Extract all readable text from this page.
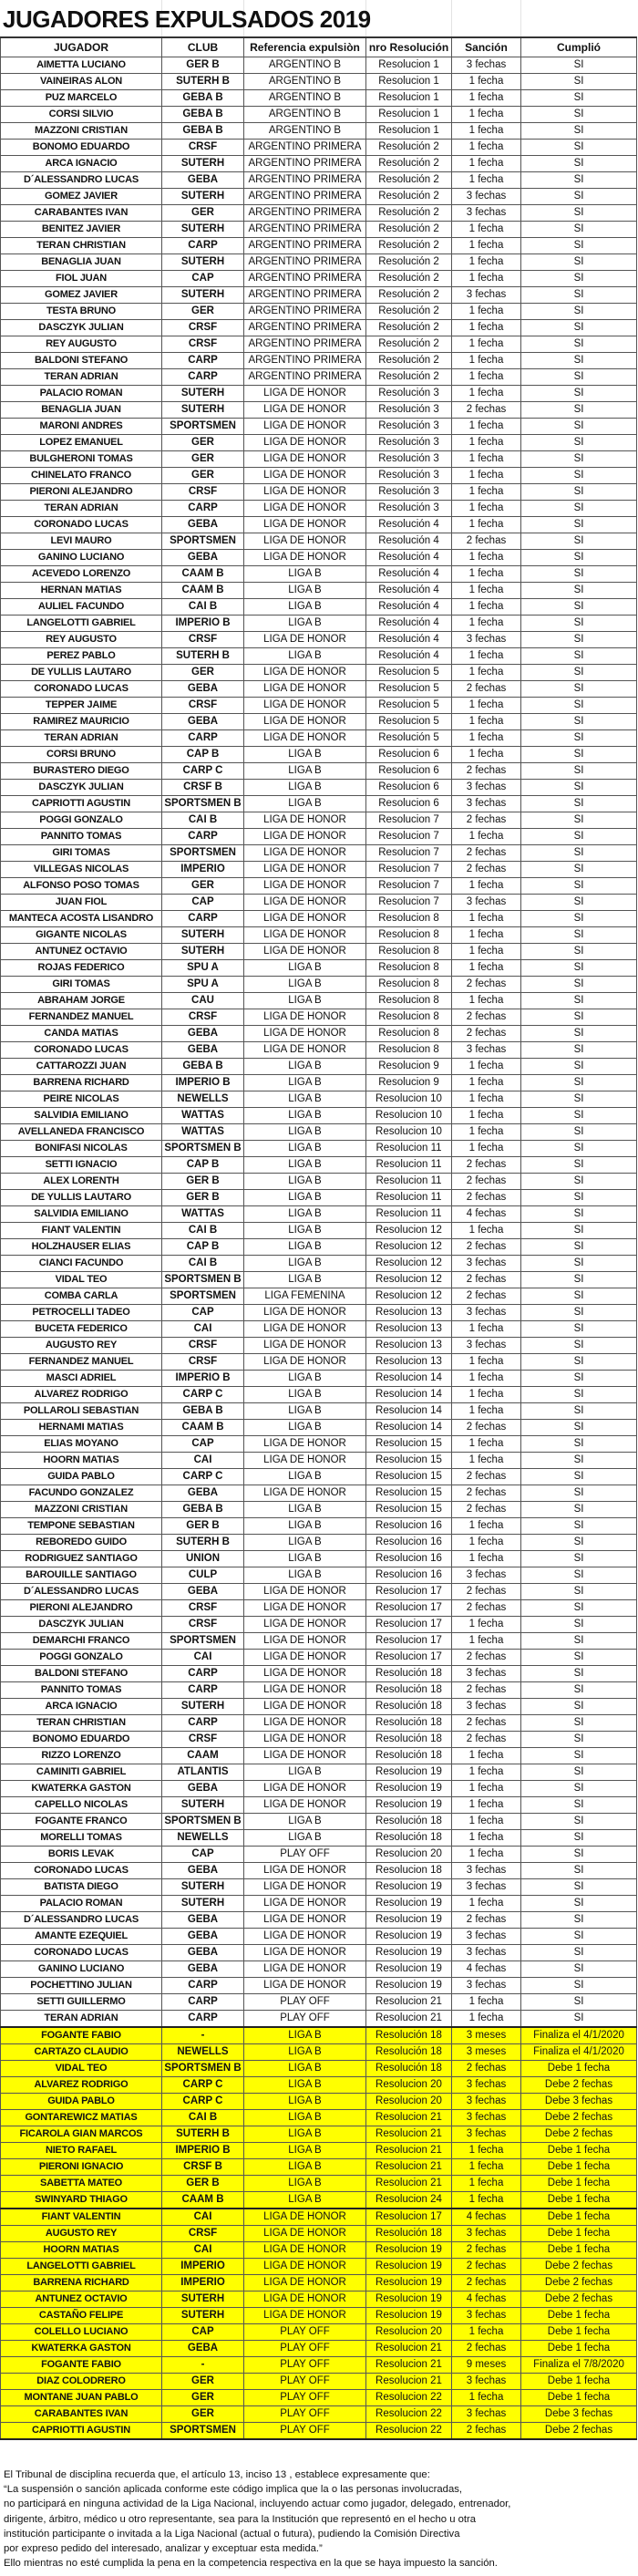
JUGADORES EXPULSADOS 2019
JUGADOR	CLUB	Referencia expulsiòn	nro Resolución	Sanción	Cumplió
AIMETTA LUCIANO	GER B	ARGENTINO B	Resolucion 1	3 fechas	SI
VAINEIRAS ALON	SUTERH B	ARGENTINO B	Resolucion 1	1 fecha	SI
PUZ MARCELO	GEBA B	ARGENTINO B	Resolucion 1	1 fecha	SI
CORSI SILVIO	GEBA B	ARGENTINO B	Resolucion 1	1 fecha	SI
MAZZONI CRISTIAN	GEBA B	ARGENTINO B	Resolucion 1	1 fecha	SI
BONOMO EDUARDO	CRSF	ARGENTINO PRIMERA	Resolución 2	1 fecha	SI
ARCA IGNACIO	SUTERH	ARGENTINO PRIMERA	Resolución 2	1 fecha	SI
D´ALESSANDRO LUCAS	GEBA	ARGENTINO PRIMERA	Resolución 2	1 fecha	SI
GOMEZ JAVIER	SUTERH	ARGENTINO PRIMERA	Resolución 2	3 fechas	SI
CARABANTES IVAN	GER	ARGENTINO PRIMERA	Resolución 2	3 fechas	SI
BENITEZ JAVIER	SUTERH	ARGENTINO PRIMERA	Resolución 2	1 fecha	SI
TERAN CHRISTIAN	CARP	ARGENTINO PRIMERA	Resolución 2	1 fecha	SI
BENAGLIA JUAN	SUTERH	ARGENTINO PRIMERA	Resolución 2	1 fecha	SI
FIOL JUAN	CAP	ARGENTINO PRIMERA	Resolución 2	1 fecha	SI
GOMEZ JAVIER	SUTERH	ARGENTINO PRIMERA	Resolución 2	3 fechas	SI
TESTA BRUNO	GER	ARGENTINO PRIMERA	Resolución 2	1 fecha	SI
DASCZYK JULIAN	CRSF	ARGENTINO PRIMERA	Resolución 2	1 fecha	SI
REY AUGUSTO	CRSF	ARGENTINO PRIMERA	Resolución 2	1 fecha	SI
BALDONI STEFANO	CARP	ARGENTINO PRIMERA	Resolución 2	1 fecha	SI
TERAN ADRIAN	CARP	ARGENTINO PRIMERA	Resolución 2	1 fecha	SI
PALACIO ROMAN	SUTERH	LIGA DE HONOR	Resolución 3	1 fecha	SI
BENAGLIA JUAN	SUTERH	LIGA DE HONOR	Resolución 3	2 fechas	SI
MARONI ANDRES	SPORTSMEN	LIGA DE HONOR	Resolución 3	1 fecha	SI
LOPEZ EMANUEL	GER	LIGA DE HONOR	Resolución 3	1 fecha	SI
BULGHERONI TOMAS	GER	LIGA DE HONOR	Resolución 3	1 fecha	SI
CHINELATO FRANCO	GER	LIGA DE HONOR	Resolución 3	1 fecha	SI
PIERONI ALEJANDRO	CRSF	LIGA DE HONOR	Resolución 3	1 fecha	SI
TERAN ADRIAN	CARP	LIGA DE HONOR	Resolución 3	1 fecha	SI
CORONADO LUCAS	GEBA	LIGA DE HONOR	Resolución 4	1 fecha	SI
LEVI MAURO	SPORTSMEN	LIGA DE HONOR	Resolución 4	2 fechas	SI
GANINO LUCIANO	GEBA	LIGA DE HONOR	Resolución 4	1 fecha	SI
ACEVEDO LORENZO	CAAM B	LIGA B	Resolución 4	1 fecha	SI
HERNAN MATIAS	CAAM B	LIGA B	Resolución 4	1 fecha	SI
AULIEL FACUNDO	CAI B	LIGA B	Resolución 4	1 fecha	SI
LANGELOTTI GABRIEL	IMPERIO B	LIGA B	Resolución 4	1 fecha	SI
REY AUGUSTO	CRSF	LIGA DE HONOR	Resolución 4	3 fechas	SI
PEREZ PABLO	SUTERH B	LIGA B	Resolución 4	1 fecha	SI
DE YULLIS LAUTARO	GER	LIGA DE HONOR	Resolucion 5	1 fecha	SI
CORONADO LUCAS	GEBA	LIGA DE HONOR	Resolucion 5	2 fechas	SI
TEPPER JAIME	CRSF	LIGA DE HONOR	Resolucion 5	1 fecha	SI
RAMIREZ MAURICIO	GEBA	LIGA DE HONOR	Resolucion 5	1 fecha	SI
TERAN ADRIAN	CARP	LIGA DE HONOR	Resolución 5	1 fecha	SI
CORSI BRUNO	CAP B	LIGA B	Resolucion 6	1 fecha	SI
BURASTERO DIEGO	CARP C	LIGA B	Resolucion 6	2 fechas	SI
DASCZYK JULIAN	CRSF B	LIGA B	Resolucion 6	3 fechas	SI
CAPRIOTTI AGUSTIN	SPORTSMEN B	LIGA B	Resolucion 6	3 fechas	SI
POGGI GONZALO	CAI B	LIGA DE HONOR	Resolucion 7	2 fechas	SI
PANNITO TOMAS	CARP	LIGA DE HONOR	Resolucion 7	1 fecha	SI
GIRI TOMAS	SPORTSMEN	LIGA DE HONOR	Resolucion 7	2 fechas	SI
VILLEGAS NICOLAS	IMPERIO	LIGA DE HONOR	Resolucion 7	2 fechas	SI
ALFONSO POSO TOMAS	GER	LIGA DE HONOR	Resolucion 7	1 fecha	SI
JUAN FIOL	CAP	LIGA DE HONOR	Resolucion 7	3 fechas	SI
MANTECA ACOSTA LISANDRO	CARP	LIGA DE HONOR	Resolucion 8	1 fecha	SI
GIGANTE NICOLAS	SUTERH	LIGA DE HONOR	Resolucion 8	1 fecha	SI
ANTUNEZ OCTAVIO	SUTERH	LIGA DE HONOR	Resolucion 8	1 fecha	SI
ROJAS FEDERICO	SPU A	LIGA B	Resolucion 8	1 fecha	SI
GIRI TOMAS	SPU A	LIGA B	Resolucion 8	2 fechas	SI
ABRAHAM JORGE	CAU	LIGA B	Resolucion 8	1 fecha	SI
FERNANDEZ MANUEL	CRSF	LIGA DE HONOR	Resolucion 8	2 fechas	SI
CANDA MATIAS	GEBA	LIGA DE HONOR	Resolucion 8	2 fechas	SI
CORONADO LUCAS	GEBA	LIGA DE HONOR	Resolucion 8	3 fechas	SI
CATTAROZZI JUAN	GEBA B	LIGA B	Resolucion 9	1 fecha	SI
BARRENA RICHARD	IMPERIO B	LIGA B	Resolucion 9	1 fecha	SI
PEIRE NICOLAS	NEWELLS	LIGA B	Resolucion 10	1 fecha	SI
SALVIDIA EMILIANO	WATTAS	LIGA B	Resolucion 10	1 fecha	SI
AVELLANEDA FRANCISCO	WATTAS	LIGA B	Resolucion 10	1 fecha	SI
BONIFASI NICOLAS	SPORTSMEN B	LIGA B	Resolucion 11	1 fecha	SI
SETTI IGNACIO	CAP B	LIGA B	Resolucion 11	2 fechas	SI
ALEX LORENTH	GER B	LIGA B	Resolucion 11	2 fechas	SI
DE YULLIS LAUTARO	GER B	LIGA B	Resolucion 11	2 fechas	SI
SALVIDIA EMILIANO	WATTAS	LIGA B	Resolucion 11	4 fechas	SI
FIANT VALENTIN	CAI B	LIGA B	Resolucion 12	1 fecha	SI
HOLZHAUSER ELIAS	CAP B	LIGA B	Resolucion 12	2 fechas	SI
CIANCI FACUNDO	CAI B	LIGA B	Resolucion 12	3 fechas	SI
VIDAL TEO	SPORTSMEN B	LIGA B	Resolucion 12	2 fechas	SI
COMBA CARLA	SPORTSMEN	LIGA FEMENINA	Resolucion 12	2 fechas	SI
PETROCELLI TADEO	CAP	LIGA DE HONOR	Resolucion 13	3 fechas	SI
BUCETA FEDERICO	CAI	LIGA DE HONOR	Resolucion 13	1 fecha	SI
AUGUSTO REY	CRSF	LIGA DE HONOR	Resolucion 13	3 fechas	SI
FERNANDEZ MANUEL	CRSF	LIGA DE HONOR	Resolucion 13	1 fecha	SI
MASCI ADRIEL	IMPERIO B	LIGA B	Resolucion 14	1 fecha	SI
ALVAREZ RODRIGO	CARP C	LIGA B	Resolucion 14	1 fecha	SI
POLLAROLI SEBASTIAN	GEBA B	LIGA B	Resolucion 14	1 fecha	SI
HERNAMI MATIAS	CAAM B	LIGA B	Resolucion 14	2 fechas	SI
ELIAS MOYANO	CAP	LIGA DE HONOR	Resolucion 15	1 fecha	SI
HOORN MATIAS	CAI	LIGA DE HONOR	Resolucion 15	1 fecha	SI
GUIDA PABLO	CARP C	LIGA B	Resolucion 15	2 fechas	SI
FACUNDO GONZALEZ	GEBA	LIGA DE HONOR	Resolucion 15	2 fechas	SI
MAZZONI CRISTIAN	GEBA B	LIGA B	Resolucion 15	2 fechas	SI
TEMPONE SEBASTIAN	GER B	LIGA B	Resolucion 16	1 fecha	SI
REBOREDO GUIDO	SUTERH B	LIGA B	Resolucion 16	1 fecha	SI
RODRIGUEZ SANTIAGO	UNION	LIGA B	Resolucion 16	1 fecha	SI
BAROUILLE SANTIAGO	CULP	LIGA B	Resolucion 16	3 fechas	SI
D´ALESSANDRO LUCAS	GEBA	LIGA DE HONOR	Resolucion 17	2 fechas	SI
PIERONI ALEJANDRO	CRSF	LIGA DE HONOR	Resolucion 17	2 fechas	SI
DASCZYK JULIAN	CRSF	LIGA DE HONOR	Resolucion 17	1 fecha	SI
DEMARCHI FRANCO	SPORTSMEN	LIGA DE HONOR	Resolucion 17	1 fecha	SI
POGGI GONZALO	CAI	LIGA DE HONOR	Resolucion 17	2 fechas	SI
BALDONI STEFANO	CARP	LIGA DE HONOR	Resolución 18	3 fechas	SI
PANNITO TOMAS	CARP	LIGA DE HONOR	Resolución 18	2 fechas	SI
ARCA IGNACIO	SUTERH	LIGA DE HONOR	Resolución 18	3 fechas	SI
TERAN CHRISTIAN	CARP	LIGA DE HONOR	Resolución 18	2 fechas	SI
BONOMO EDUARDO	CRSF	LIGA DE HONOR	Resolución 18	2 fechas	SI
RIZZO LORENZO	CAAM	LIGA DE HONOR	Resolución 18	1 fecha	SI
CAMINITI GABRIEL	ATLANTIS	LIGA B	Resolucion 19	1 fecha	SI
KWATERKA GASTON	GEBA	LIGA DE HONOR	Resolucion 19	1 fecha	SI
CAPELLO NICOLAS	SUTERH	LIGA DE HONOR	Resolucion 19	1 fecha	SI
FOGANTE FRANCO	SPORTSMEN B	LIGA B	Resolución 18	1 fecha	SI
MORELLI TOMAS	NEWELLS	LIGA B	Resolución 18	1 fecha	SI
BORIS LEVAK	CAP	PLAY OFF	Resolucion 20	1 fecha	SI
CORONADO LUCAS	GEBA	LIGA DE HONOR	Resolucion 18	3 fechas	SI
BATISTA DIEGO	SUTERH	LIGA DE HONOR	Resolucion 19	3 fechas	SI
PALACIO ROMAN	SUTERH	LIGA DE HONOR	Resolucion 19	1 fecha	SI
D´ALESSANDRO LUCAS	GEBA	LIGA DE HONOR	Resolucion 19	2 fechas	SI
AMANTE EZEQUIEL	GEBA	LIGA DE HONOR	Resolucion 19	3 fechas	SI
CORONADO LUCAS	GEBA	LIGA DE HONOR	Resolucion 19	3 fechas	SI
GANINO LUCIANO	GEBA	LIGA DE HONOR	Resolucion 19	4 fechas	SI
POCHETTINO JULIAN	CARP	LIGA DE HONOR	Resolucion 19	3 fechas	SI
SETTI GUILLERMO	CARP	PLAY OFF	Resolucion 21	1 fecha	SI
TERAN ADRIAN	CARP	PLAY OFF	Resolucion 21	1 fecha	SI
FOGANTE FABIO	-	LIGA B	Resolución 18	3 meses	Finaliza el 4/1/2020
CARTAZO CLAUDIO	NEWELLS	LIGA B	Resolución 18	3 meses	Finaliza el 4/1/2020
VIDAL TEO	SPORTSMEN B	LIGA B	Resolución 18	2 fechas	Debe 1 fecha
ALVAREZ RODRIGO	CARP C	LIGA B	Resolucion 20	3 fechas	Debe 2 fechas
GUIDA PABLO	CARP C	LIGA B	Resolucion 20	3 fechas	Debe 3 fechas
GONTAREWICZ MATIAS	CAI B	LIGA B	Resolucion 21	3 fechas	Debe 2 fechas
FICAROLA GIAN MARCOS	SUTERH B	LIGA B	Resolucion 21	3 fechas	Debe 2 fechas
NIETO RAFAEL	IMPERIO B	LIGA B	Resolucion 21	1 fecha	Debe 1 fecha
PIERONI IGNACIO	CRSF B	LIGA B	Resolucion 21	1 fecha	Debe 1 fecha
SABETTA MATEO	GER B	LIGA B	Resolucion 21	1 fecha	Debe 1 fecha
SWINYARD THIAGO	CAAM B	LIGA B	Resolucion 24	1 fecha	Debe 1 fecha
FIANT VALENTIN	CAI	LIGA DE HONOR	Resolucion 17	4 fechas	Debe 1 fecha
AUGUSTO REY	CRSF	LIGA DE HONOR	Resolución 18	3 fechas	Debe 1 fecha
HOORN MATIAS	CAI	LIGA DE HONOR	Resolucion 19	2 fechas	Debe 1 fecha
LANGELOTTI GABRIEL	IMPERIO	LIGA DE HONOR	Resolucion 19	2 fechas	Debe 2 fechas
BARRENA RICHARD	IMPERIO	LIGA DE HONOR	Resolucion 19	2 fechas	Debe 2 fechas
ANTUNEZ OCTAVIO	SUTERH	LIGA DE HONOR	Resolucion 19	4 fechas	Debe 2 fechas
CASTAÑO FELIPE	SUTERH	LIGA DE HONOR	Resolucion 19	3 fechas	Debe 1 fecha
COLELLO LUCIANO	CAP	PLAY OFF	Resolucion 20	1 fecha	Debe 1 fecha
KWATERKA GASTON	GEBA	PLAY OFF	Resolucion 21	2 fechas	Debe 1 fecha
FOGANTE FABIO	-	PLAY OFF	Resolucion 21	9 meses	Finaliza el 7/8/2020
DIAZ COLODRERO	GER	PLAY OFF	Resolucion 21	3 fechas	Debe 1 fecha
MONTANE JUAN PABLO	GER	PLAY OFF	Resolucion 22	1 fecha	Debe 1 fecha
CARABANTES IVAN	GER	PLAY OFF	Resolucion 22	3 fechas	Debe 3 fechas
CAPRIOTTI AGUSTIN	SPORTSMEN	PLAY OFF	Resolucion 22	2 fechas	Debe 2 fechas
El Tribunal de disciplina recuerda que, el artículo 13, inciso 13 , establece expresamente que:
“La suspensión o sanción aplicada conforme este código implica que la o las personas involucradas,
no participará en ninguna actividad de la Liga Nacional, incluyendo actuar como jugador, delegado, entrenador,
dirigente, árbitro, médico u otro representante, sea para la Institución que representó en el hecho u otra
institución participante o invitada a la Liga Nacional (actual o futura), pudiendo la Comisión Directiva
por expreso pedido del interesado, analizar y exceptuar esta medida.”
Ello mientras no esté cumplida la pena en la competencia respectiva en la que se haya impuesto la sanción.
